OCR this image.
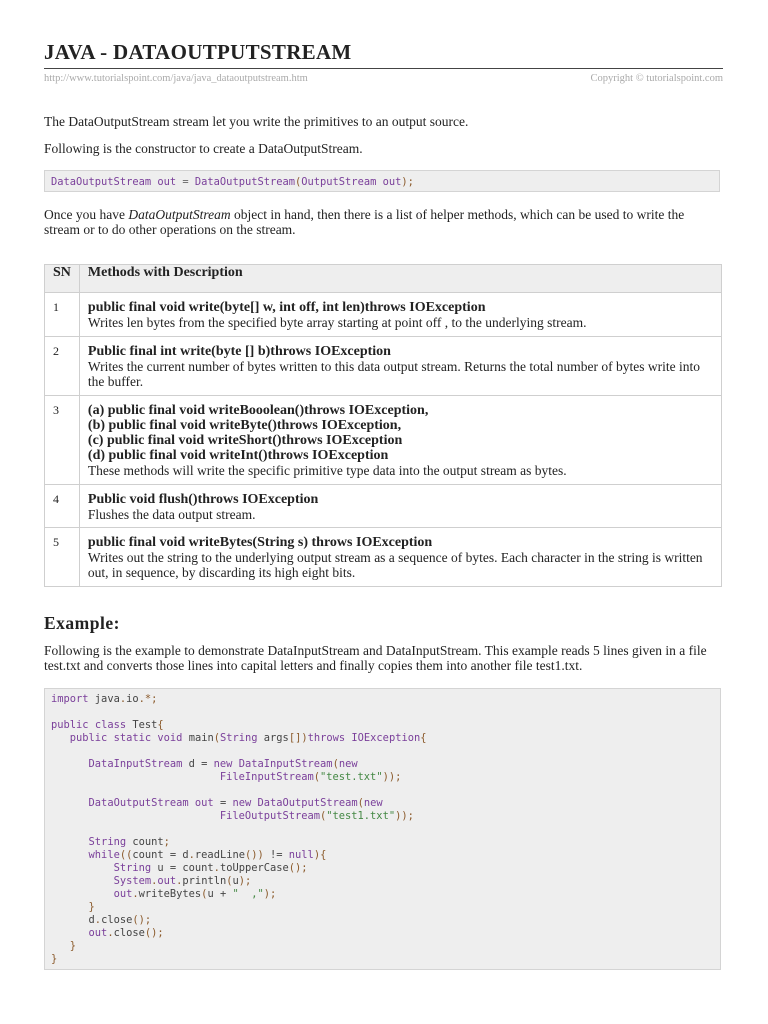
JAVA - DATAOUTPUTSTREAM
http://www.tutorialspoint.com/java/java_dataoutputstream.htm	Copyright © tutorialspoint.com

The DataOutputStream stream let you write the primitives to an output source.

Following is the constructor to create a DataOutputStream.

DataOutputStream out = DataOutputStream(OutputStream out);

Once you have DataOutputStream object in hand, then there is a list of helper methods, which can be used to write the stream or to do other operations on the stream.

SN	Methods with Description
1	public final void write(byte[] w, int off, int len)throws IOException
Writes len bytes from the specified byte array starting at point off , to the underlying stream.

2	Public final int write(byte [] b)throws IOException
Writes the current number of bytes written to this data output stream. Returns the total number of bytes write into the buffer.

3	(a) public final void writeBooolean()throws IOException,
(b) public final void writeByte()throws IOException,
(c) public final void writeShort()throws IOException
(d) public final void writeInt()throws IOException
These methods will write the specific primitive type data into the output stream as bytes.

4	Public void flush()throws IOException
Flushes the data output stream.

5	public final void writeBytes(String s) throws IOException
Writes out the string to the underlying output stream as a sequence of bytes. Each character in the string is written out, in sequence, by discarding its high eight bits.
Example:

Following is the example to demonstrate DataInputStream and DataInputStream. This example reads 5 lines given in a file test.txt and converts those lines into capital letters and finally copies them into another file test1.txt.

import java.io.*;

public class Test{
public static void main(String args[])throws IOException{

DataInputStream d = new DataInputStream(new
FileInputStream("test.txt"));

DataOutputStream out = new DataOutputStream(new
FileOutputStream("test1.txt"));

String count;
while((count = d.readLine()) != null){
String u = count.toUpperCase();
System.out.println(u);
out.writeBytes(u + "  ,");
}
d.close();
out.close();
}
}
